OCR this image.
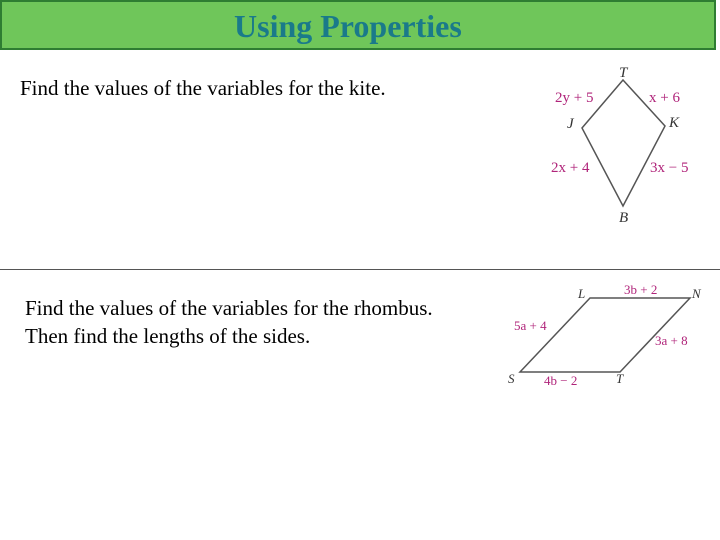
Using Properties
Find the values of the variables for the kite.
Find the values of the variables for the rhombus.
Then find the lengths of the sides.
T
J	K
B
2y + 5	x + 6
2x + 4	3x − 5
L	N
S	T
3b + 2
5a + 4
3a + 8
4b − 2
